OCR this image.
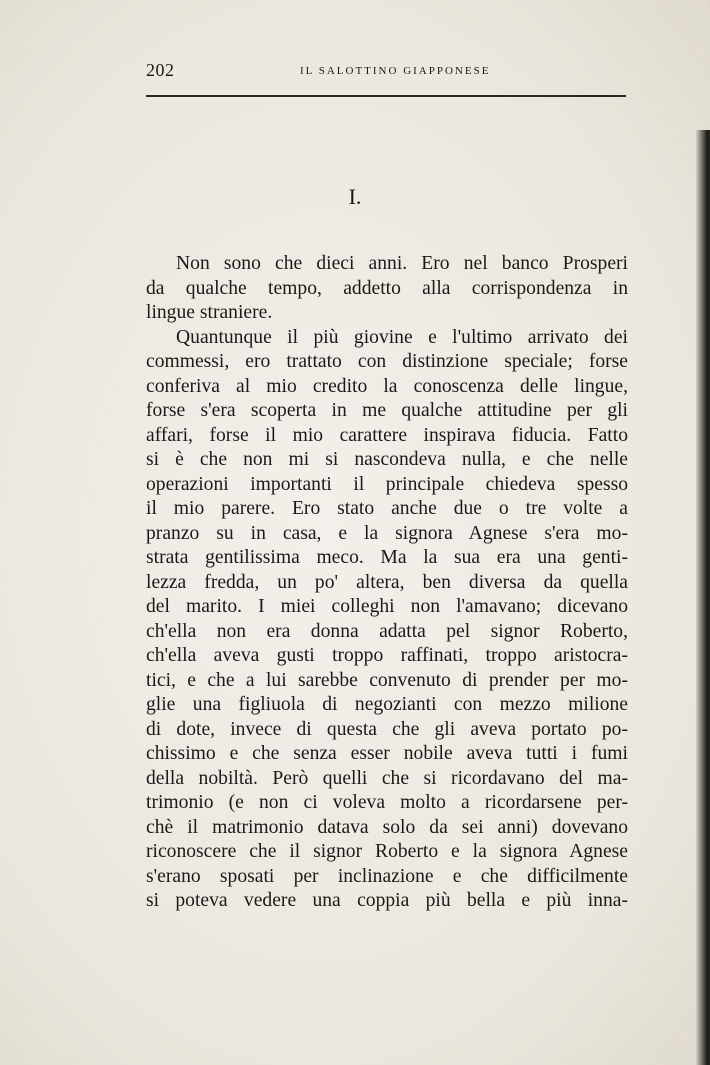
202	IL SALOTTINO GIAPPONESE
I.
Non sono che dieci anni. Ero nel banco Prosperi
da qualche tempo, addetto alla corrispondenza in
lingue straniere.
Quantunque il più giovine e l'ultimo arrivato dei
commessi, ero trattato con distinzione speciale; forse
conferiva al mio credito la conoscenza delle lingue,
forse s'era scoperta in me qualche attitudine per gli
affari, forse il mio carattere inspirava fiducia. Fatto
si è che non mi si nascondeva nulla, e che nelle
operazioni importanti il principale chiedeva spesso
il mio parere. Ero stato anche due o tre volte a
pranzo su in casa, e la signora Agnese s'era mo-
strata gentilissima meco. Ma la sua era una genti-
lezza fredda, un po' altera, ben diversa da quella
del marito. I miei colleghi non l'amavano; dicevano
ch'ella non era donna adatta pel signor Roberto,
ch'ella aveva gusti troppo raffinati, troppo aristocra-
tici, e che a lui sarebbe convenuto di prender per mo-
glie una figliuola di negozianti con mezzo milione
di dote, invece di questa che gli aveva portato po-
chissimo e che senza esser nobile aveva tutti i fumi
della nobiltà. Però quelli che si ricordavano del ma-
trimonio (e non ci voleva molto a ricordarsene per-
chè il matrimonio datava solo da sei anni) dovevano
riconoscere che il signor Roberto e la signora Agnese
s'erano sposati per inclinazione e che difficilmente
si poteva vedere una coppia più bella e più inna-
